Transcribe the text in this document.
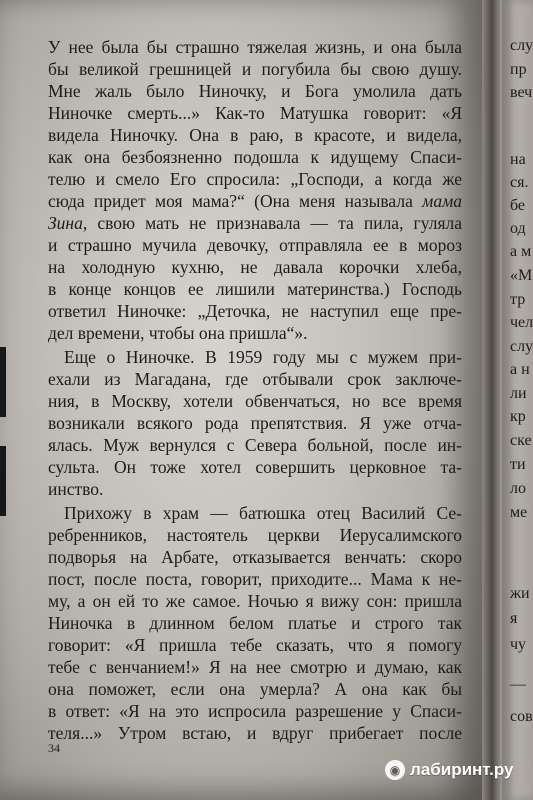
У нее была бы страшно тяжелая жизнь, и она была
бы великой грешницей и погубила бы свою душу.
Мне жаль было Ниночку, и Бога умолила дать
Ниночке смерть...» Как-то Матушка говорит: «Я
видела Ниночку. Она в раю, в красоте, и видела,
как она безбоязненно подошла к идущему Спаси-
телю и смело Его спросила: „Господи, а когда же
сюда придет моя мама?“ (Она меня называла мама
Зина, свою мать не признавала — та пила, гуляла
и страшно мучила девочку, отправляла ее в мороз
на холодную кухню, не давала корочки хлеба,
в конце концов ее лишили материнства.) Господь
ответил Ниночке: „Деточка, не наступил еще пре-
дел времени, чтобы она пришла“».
Еще о Ниночке. В 1959 году мы с мужем при-
ехали из Магадана, где отбывали срок заключе-
ния, в Москву, хотели обвенчаться, но все время
возникали всякого рода препятствия. Я уже отча-
ялась. Муж вернулся с Севера больной, после ин-
сульта. Он тоже хотел совершить церковное та-
инство.
Прихожу в храм — батюшка отец Василий Се-
ребренников, настоятель церкви Иерусалимского
подворья на Арбате, отказывается венчать: скоро
пост, после поста, говорит, приходите... Мама к не-
му, а он ей то же самое. Ночью я вижу сон: пришла
Ниночка в длинном белом платье и строго так
говорит: «Я пришла тебе сказать, что я помогу
тебе с венчанием!» Я на нее смотрю и думаю, как
она поможет, если она умерла? А она как бы
в ответ: «Я на это испросила разрешение у Спаси-
теля...» Утром встаю, и вдруг прибегает после
34
слу
пр
веч
на
ся.
бе
од
а м
«М
тр
чел
слу
а н
ли
кр
ске
ти
ло
ме
жи
я
чу
—
сов
◉ лабиринт.ру
